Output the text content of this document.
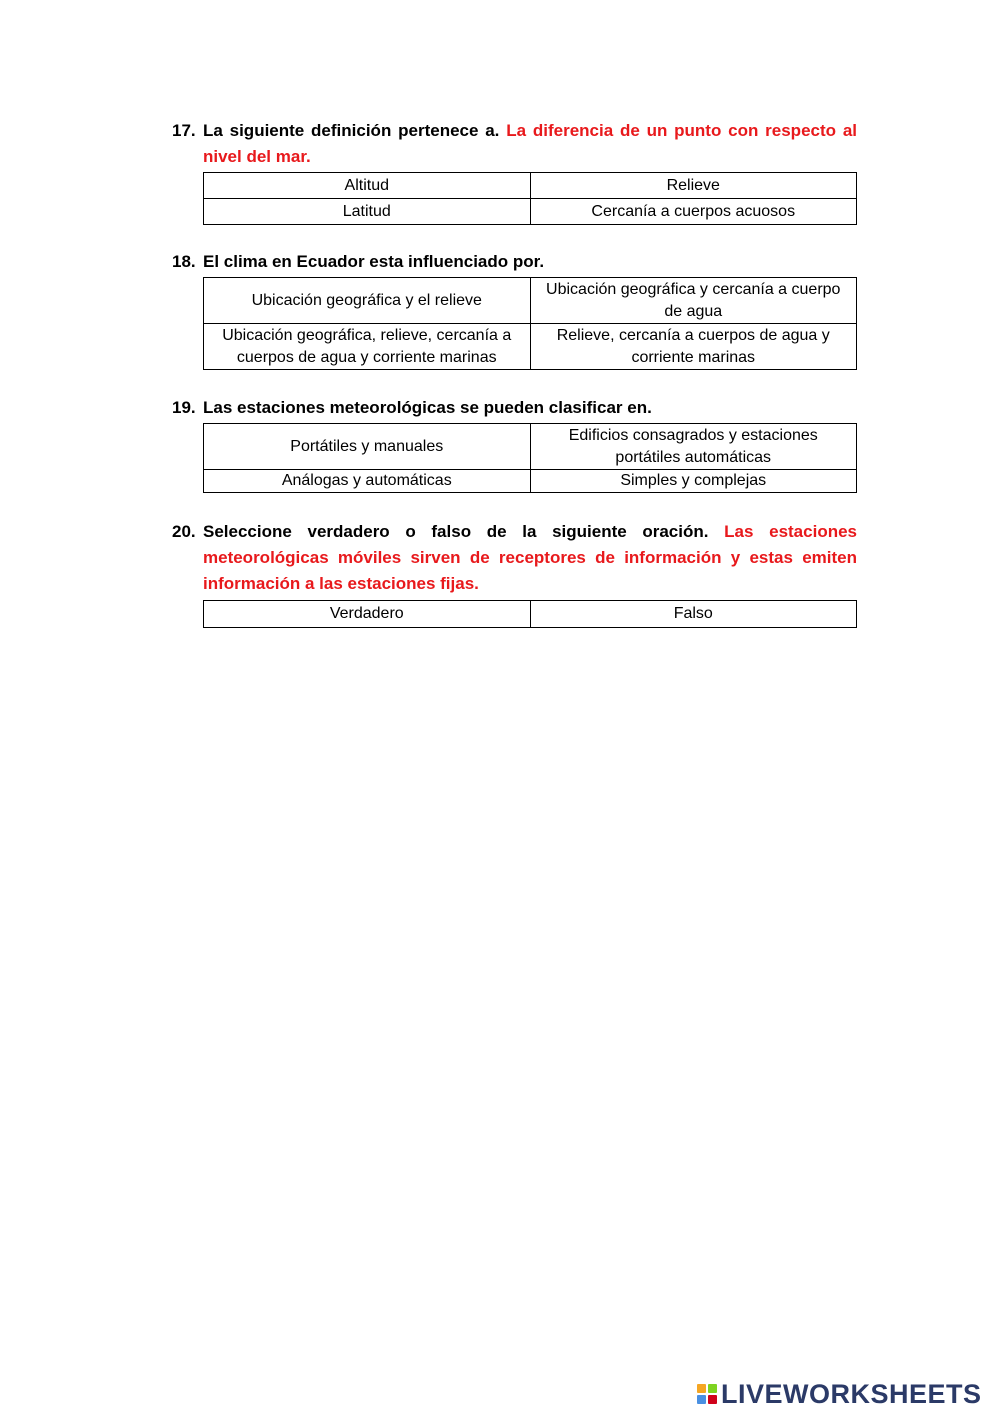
17. La siguiente definición pertenece a. La diferencia de un punto con respecto al nivel del mar.
Altitud	Relieve
Latitud	Cercanía a cuerpos acuosos
18. El clima en Ecuador esta influenciado por.
Ubicación geográfica y el relieve	Ubicación geográfica y cercanía a cuerpo de agua
Ubicación geográfica, relieve, cercanía a cuerpos de agua y corriente marinas	Relieve, cercanía a cuerpos de agua y corriente marinas
19. Las estaciones meteorológicas se pueden clasificar en.
Portátiles y manuales	Edificios consagrados y estaciones portátiles automáticas
Análogas y automáticas	Simples y complejas
20. Seleccione verdadero o falso de la siguiente oración. Las estaciones meteorológicas móviles sirven de receptores de información y estas emiten información a las estaciones fijas.
Verdadero	Falso
LIVEWORKSHEETS
